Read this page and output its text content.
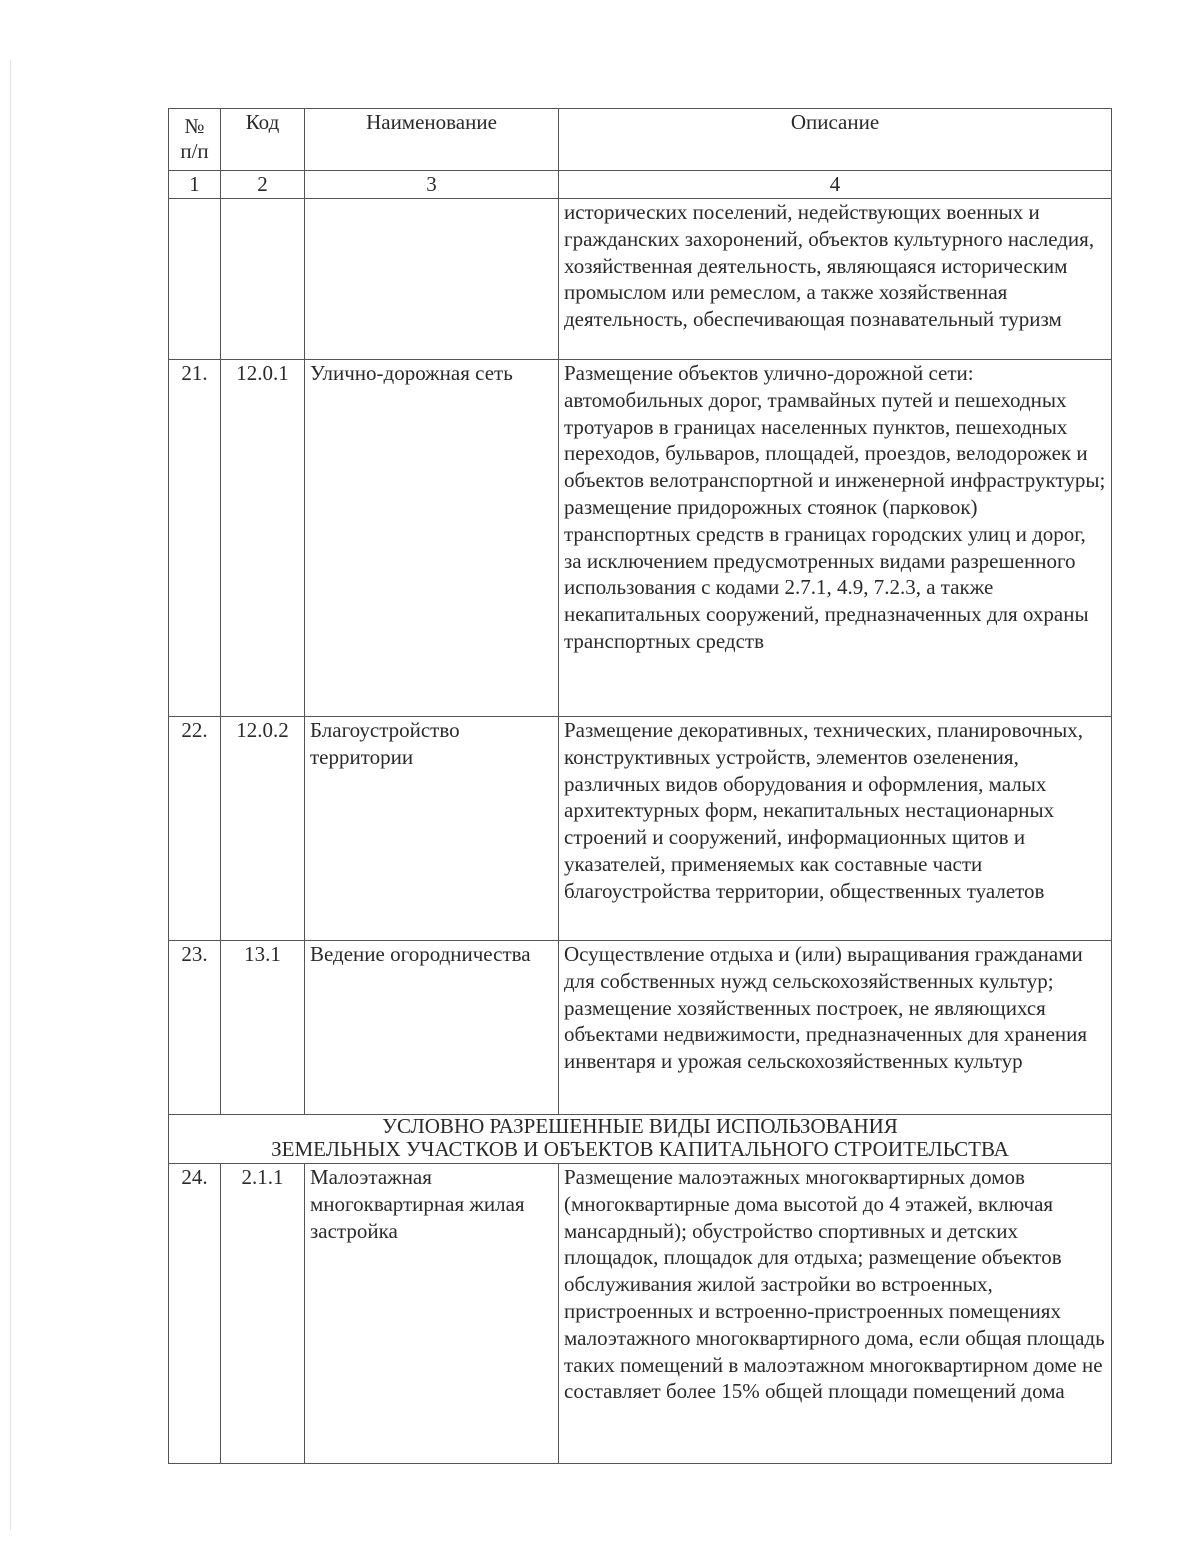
№ п/п	Код	Наименование	Описание
1	2	3	4
			исторических поселений, недействующих военных и гражданских захоронений, объектов культурного наследия, хозяйственная деятельность, являющаяся историческим промыслом или ремеслом, а также хозяйственная деятельность, обеспечивающая познавательный туризм
21.	12.0.1	Улично-дорожная сеть	Размещение объектов улично-дорожной сети: автомобильных дорог, трамвайных путей и пешеходных тротуаров в границах населенных пунктов, пешеходных переходов, бульваров, площадей, проездов, велодорожек и объектов велотранспортной и инженерной инфраструктуры; размещение придорожных стоянок (парковок) транспортных средств в границах городских улиц и дорог, за исключением предусмотренных видами разрешенного использования с кодами 2.7.1, 4.9, 7.2.3, а также некапитальных сооружений, предназначенных для охраны транспортных средств
22.	12.0.2	Благоустройство территории	Размещение декоративных, технических, планировочных, конструктивных устройств, элементов озеленения, различных видов оборудования и оформления, малых архитектурных форм, некапитальных нестационарных строений и сооружений, информационных щитов и указателей, применяемых как составные части благоустройства территории, общественных туалетов
23.	13.1	Ведение огородничества	Осуществление отдыха и (или) выращивания гражданами для собственных нужд сельскохозяйственных культур; размещение хозяйственных построек, не являющихся объектами недвижимости, предназначенных для хранения инвентаря и урожая сельскохозяйственных культур

УСЛОВНО РАЗРЕШЕННЫЕ ВИДЫ ИСПОЛЬЗОВАНИЯ
ЗЕМЕЛЬНЫХ УЧАСТКОВ И ОБЪЕКТОВ КАПИТАЛЬНОГО СТРОИТЕЛЬСТВА			

24.	2.1.1	Малоэтажная многоквартирная жилая застройка	Размещение малоэтажных многоквартирных домов (многоквартирные дома высотой до 4 этажей, включая мансардный); обустройство спортивных и детских площадок, площадок для отдыха; размещение объектов обслуживания жилой застройки во встроенных, пристроенных и встроенно-пристроенных помещениях малоэтажного многоквартирного дома, если общая площадь таких помещений в малоэтажном многоквартирном доме не составляет более 15% общей площади помещений дома
